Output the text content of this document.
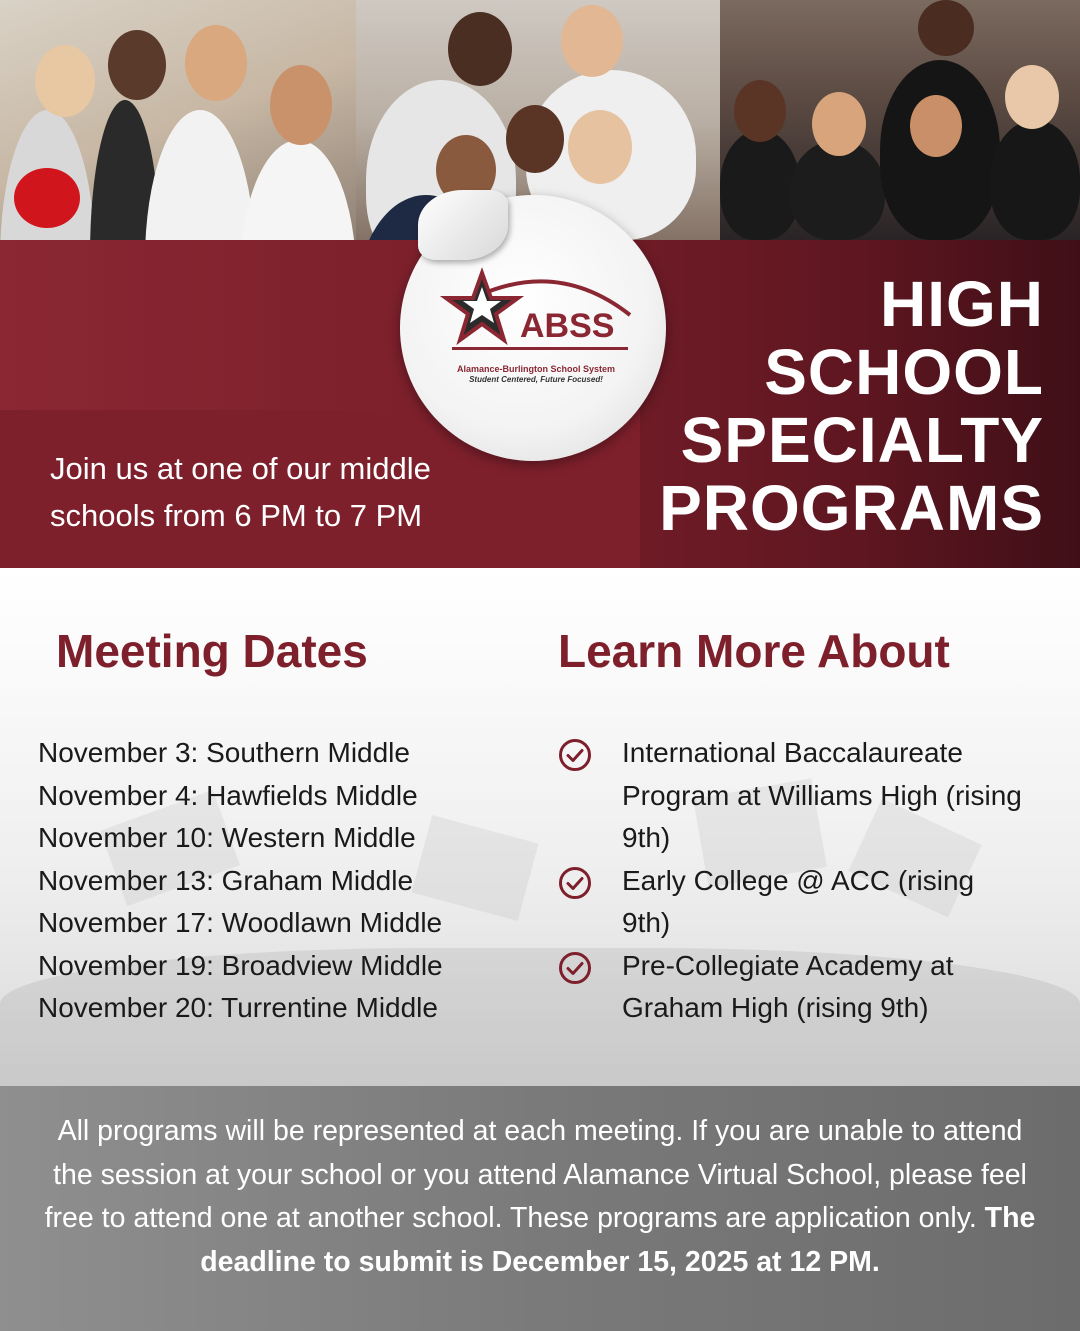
Join us at one of our middle
schools from 6 PM to 7 PM
HIGH
SCHOOL
SPECIALTY
PROGRAMS
ABSS
Alamance-Burlington School System
Student Centered, Future Focused!
Meeting Dates	Learn More About
November 3: Southern Middle
November 4: Hawfields Middle
November 10: Western Middle
November 13: Graham Middle
November 17: Woodlawn Middle
November 19: Broadview Middle
November 20: Turrentine Middle
International Baccalaureate Program at Williams High (rising 9th)
Early College @ ACC (rising 9th)
Pre-Collegiate Academy at Graham High (rising 9th)
All programs will be represented at each meeting. If you are unable to attend the session at your school or you attend Alamance Virtual School, please feel free to attend one at another school. These programs are application only. The deadline to submit is December 15, 2025 at 12 PM.
